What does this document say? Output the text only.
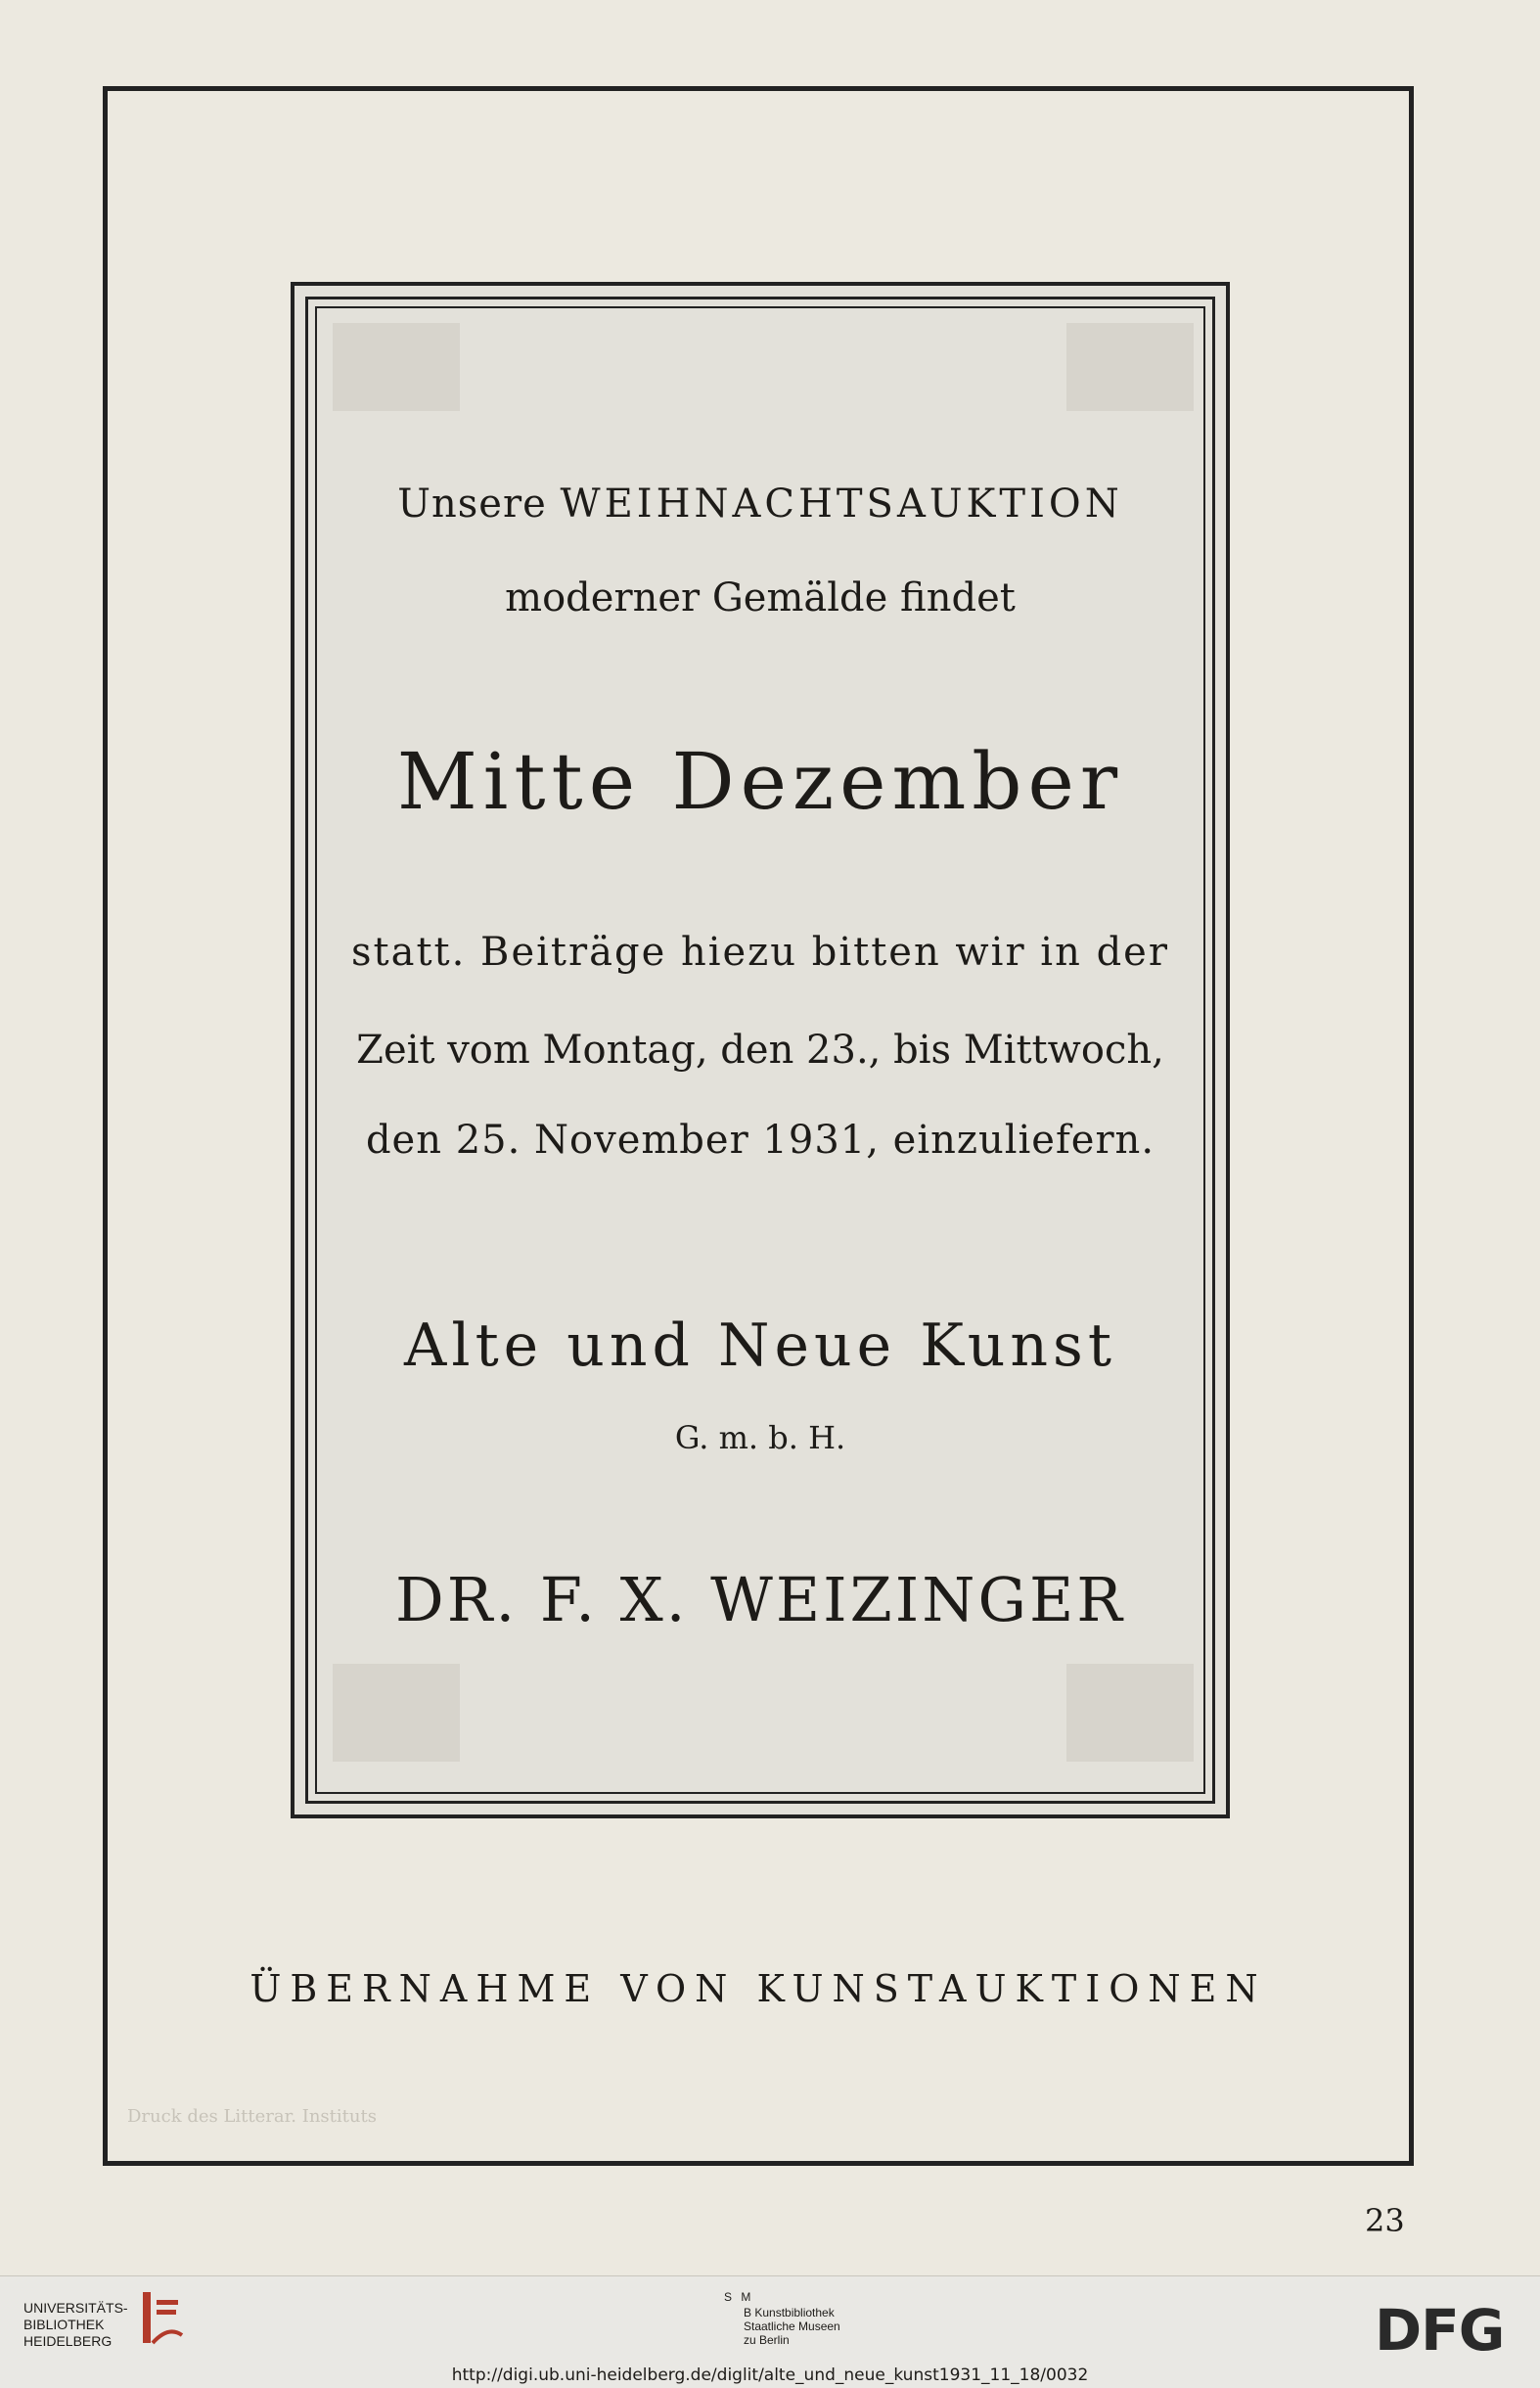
Unsere WEIHNACHTSAUKTION
moderner Gemälde findet
Mitte Dezember
statt. Beiträge hiezu bitten wir in der
Zeit vom Montag, den 23., bis Mittwoch,
den 25. November 1931, einzuliefern.
Alte und Neue Kunst
G. m. b. H.
DR. F. X. WEIZINGER
ÜBERNAHME VON KUNSTAUKTIONEN
Druck des Litterar. Instituts
23
UNIVERSITÄTS-
BIBLIOTHEK
HEIDELBERG
S M
B Kunstbibliothek
Staatliche Museen
zu Berlin	DFG
http://digi.ub.uni-heidelberg.de/diglit/alte_und_neue_kunst1931_11_18/0032
